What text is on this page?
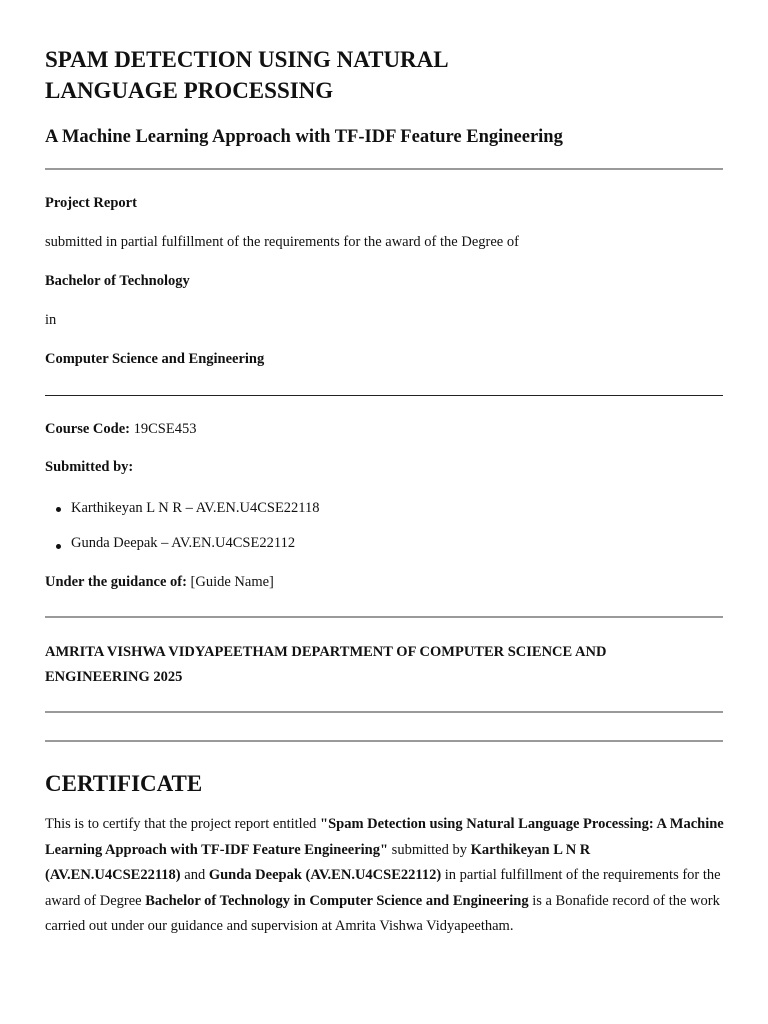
SPAM DETECTION USING NATURAL LANGUAGE PROCESSING
A Machine Learning Approach with TF-IDF Feature Engineering
Project Report
submitted in partial fulfillment of the requirements for the award of the Degree of
Bachelor of Technology
in
Computer Science and Engineering
Course Code: 19CSE453
Submitted by:
Karthikeyan L N R – AV.EN.U4CSE22118
Gunda Deepak – AV.EN.U4CSE22112
Under the guidance of: [Guide Name]
AMRITA VISHWA VIDYAPEETHAM DEPARTMENT OF COMPUTER SCIENCE AND ENGINEERING 2025
CERTIFICATE

This is to certify that the project report entitled "Spam Detection using Natural Language Processing: A Machine Learning Approach with TF-IDF Feature Engineering" submitted by Karthikeyan L N R (AV.EN.U4CSE22118) and Gunda Deepak (AV.EN.U4CSE22112) in partial fulfillment of the requirements for the award of Degree Bachelor of Technology in Computer Science and Engineering is a Bonafide record of the work carried out under our guidance and supervision at Amrita Vishwa Vidyapeetham.
